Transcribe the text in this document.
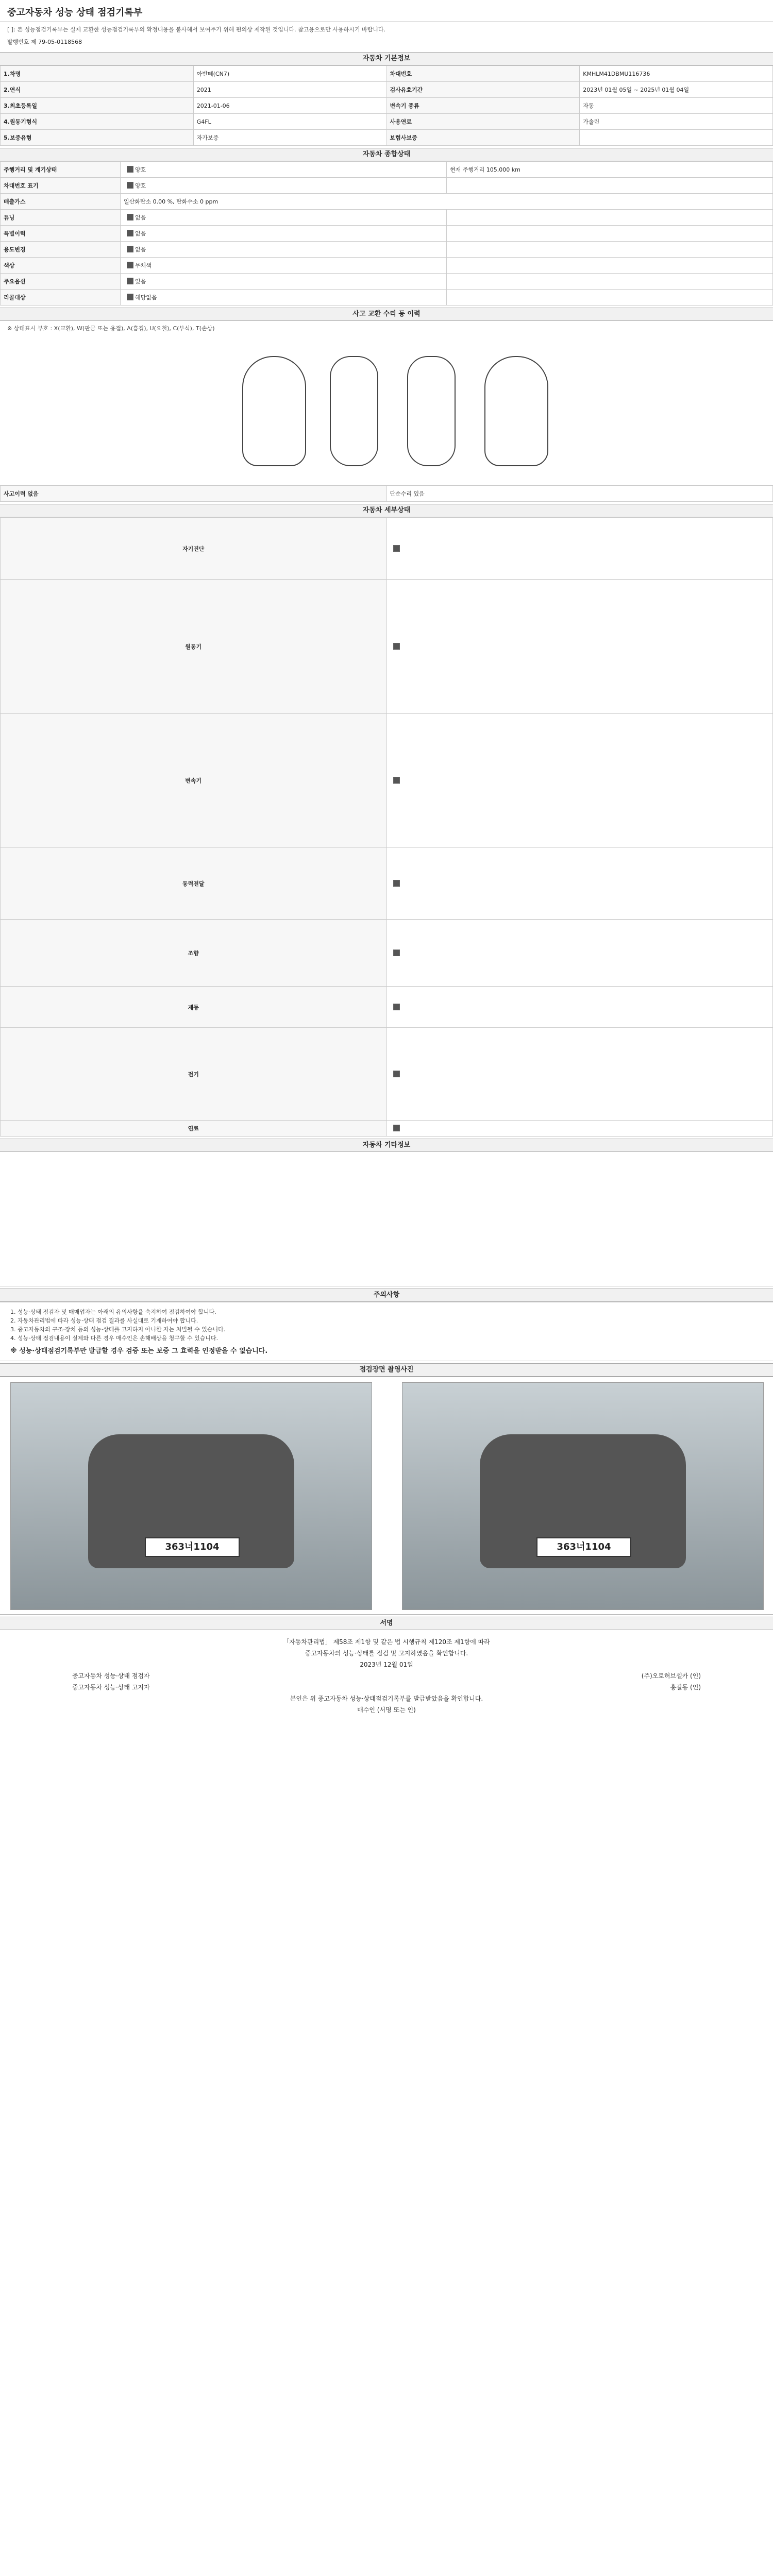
중고자동차 성능 상태 점검기록부
[ ]: 본 성능점검기록부는 실제 교환한 성능점검기록부의 확정내용을 붙사해서 보여주기 위해 편의상 제작된 것입니다. 참고용으로만 사용하시기 바랍니다.
발행번호 제 79-05-0118568
자동차 기본정보
1.차명	아반떼(CN7)	차대번호	KMHLM41DBMU116736
2.연식	2021	검사유효기간	2023년 01월 05일 ~ 2025년 01월 04일
3.최초등록일	2021-01-06	변속기 종류	자동
4.원동기형식	G4FL	사용연료	가솔린
5.보증유형	자가보증	보험사보증	
자동차 종합상태
주행거리 및 계기상태	양호	현재 주행거리 105,000 km
차대번호 표기	양호	
배출가스	일산화탄소 0.00 %, 탄화수소 0 ppm	
튜닝	없음	
특별이력	없음	
용도변경	없음	
색상	무채색	
주요옵션	있음	
리콜대상	해당없음	
사고 교환 수리 등 이력
※ 상태표시 부호 : X(교환), W(판금 또는 용접), A(흠집), U(요철), C(부식), T(손상)
사고이력 없음	단순수리 있음
자동차 세부상태
자기진단	
원동기	
변속기	
동력전달	
조향	
제동	
전기	
연료	
자동차 기타정보
주의사항
1. 성능·상태 점검자 및 매매업자는 아래의 유의사항을 숙지하여 점검하여야 합니다.
2. 자동차관리법에 따라 성능·상태 점검 결과를 사실대로 기재하여야 합니다.
3. 중고자동차의 구조·장치 등의 성능·상태를 고지하지 아니한 자는 처벌될 수 있습니다.
4. 성능·상태 점검내용이 실제와 다른 경우 매수인은 손해배상을 청구할 수 있습니다.
※ 성능·상태점검기록부만 발급할 경우 검증 또는 보증 그 효력을 인정받을 수 없습니다.
점검장면 촬영사진
363너1104	363너1104
서명
「자동차관리법」 제58조 제1항 및 같은 법 시행규칙 제120조 제1항에 따라
중고자동차의 성능·상태를 점검 및 고지하였음을 확인합니다.
2023년 12월 01일
중고자동차 성능·상태 점검자	(주)오토허브셀카 (인)
중고자동차 성능·상태 고지자	홍길동 (인)
본인은 위 중고자동차 성능·상태점검기록부를 발급받았음을 확인합니다.
매수인 (서명 또는 인)
